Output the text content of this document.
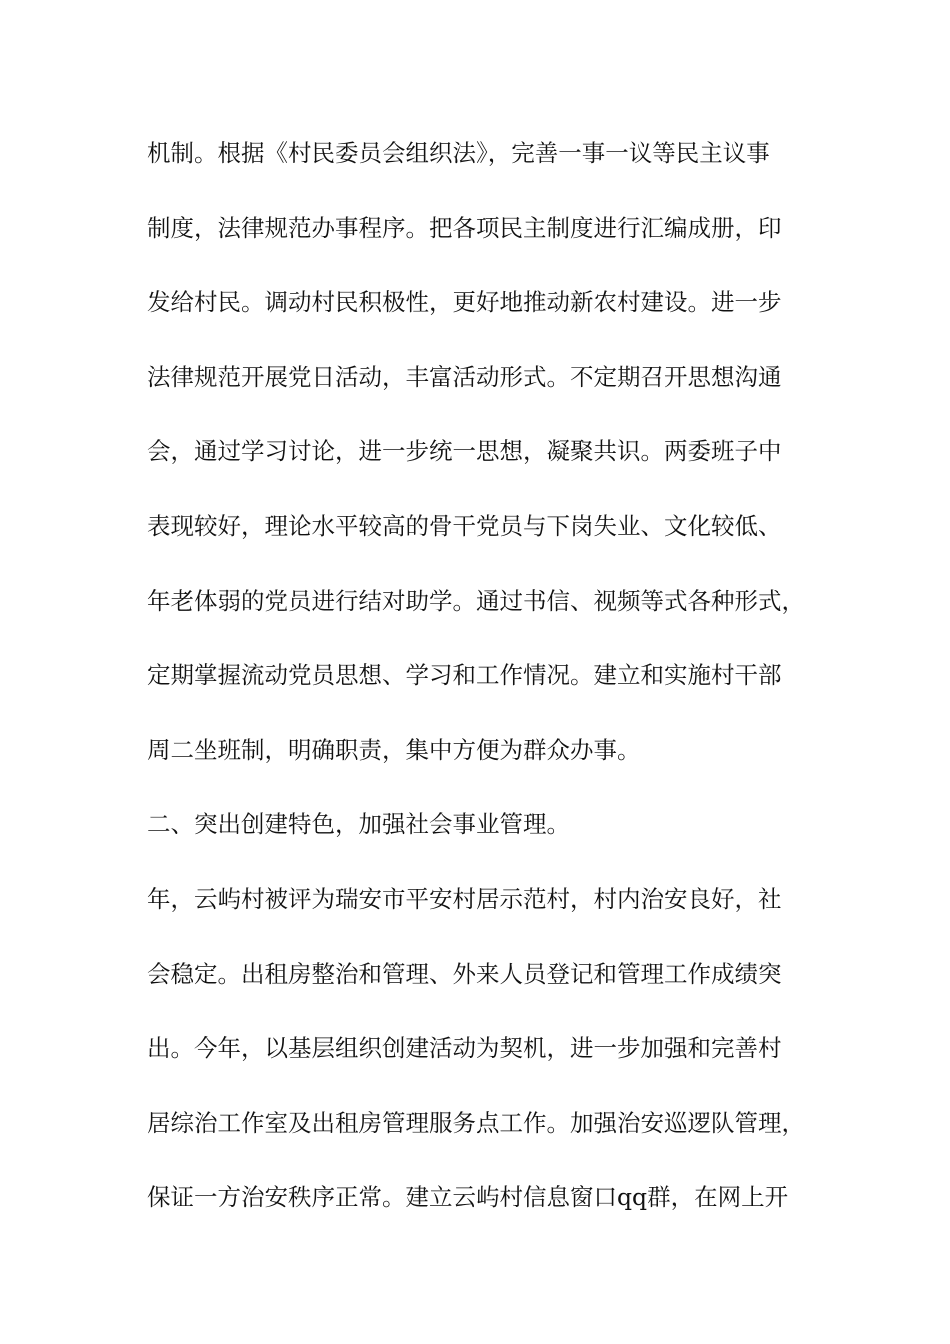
机制。根据《村民委员会组织法》，完善一事一议等民主议事
制度，法律规范办事程序。把各项民主制度进行汇编成册，印
发给村民。调动村民积极性，更好地推动新农村建设。进一步
法律规范开展党日活动，丰富活动形式。不定期召开思想沟通
会，通过学习讨论，进一步统一思想，凝聚共识。两委班子中
表现较好，理论水平较高的骨干党员与下岗失业、文化较低、
年老体弱的党员进行结对助学。通过书信、视频等式各种形式，
定期掌握流动党员思想、学习和工作情况。建立和实施村干部
周二坐班制，明确职责，集中方便为群众办事。
二、突出创建特色，加强社会事业管理。
年，云屿村被评为瑞安市平安村居示范村，村内治安良好，社
会稳定。出租房整治和管理、外来人员登记和管理工作成绩突
出。今年，以基层组织创建活动为契机，进一步加强和完善村
居综治工作室及出租房管理服务点工作。加强治安巡逻队管理，
保证一方治安秩序正常。建立云屿村信息窗口qq群，在网上开
